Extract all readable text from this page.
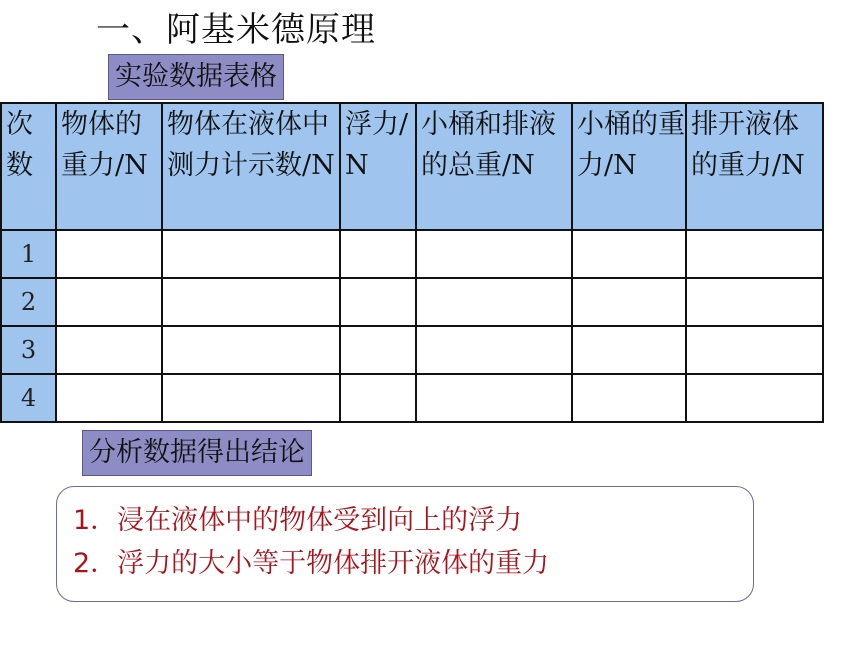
一、阿基米德原理
实验数据表格
次数	物体的重力/N	物体在液体中测力计示数/N	浮力/N	小桶和排液的总重/N	小桶的重力/N	排开液体的重力/N
1						
2						
3						
4						
分析数据得出结论

1．浸在液体中的物体受到向上的浮力

2．浮力的大小等于物体排开液体的重力
